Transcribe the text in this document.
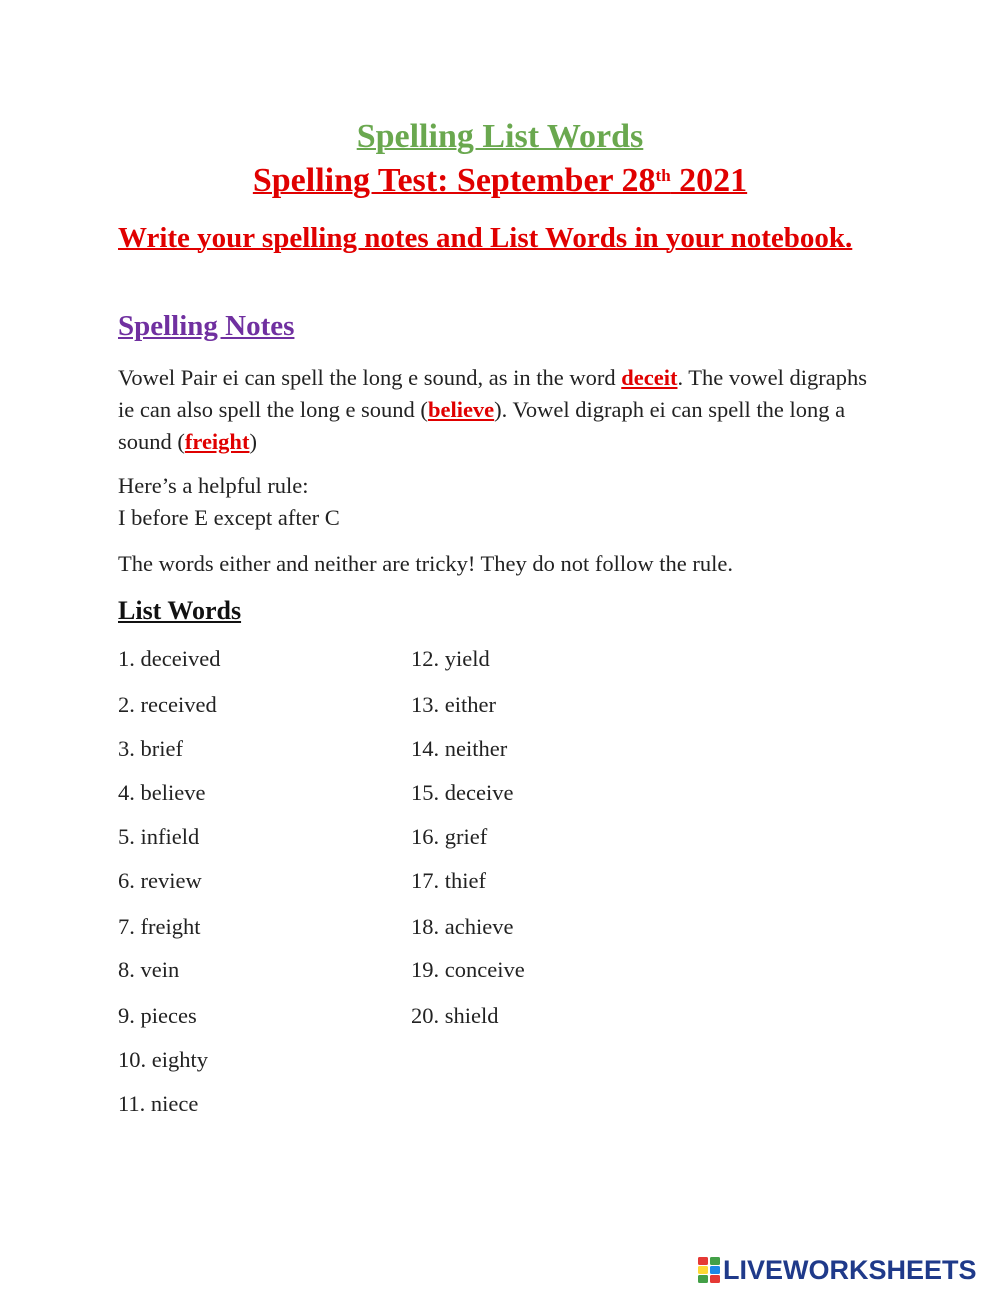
Spelling List Words
Spelling Test: September 28th 2021
Write your spelling notes and List Words in your notebook.
Spelling Notes
Vowel Pair ei can spell the long e sound, as in the word deceit. The vowel digraphs ie can also spell the long e sound (believe). Vowel digraph ei can spell the long a sound (freight)
Here’s a helpful rule:
I before E except after C
The words either and neither are tricky! They do not follow the rule.
List Words
1. deceived
2. received
3. brief
4. believe
5. infield
6. review
7. freight
8. vein
9. pieces
10. eighty
11. niece
12. yield
13. either
14. neither
15. deceive
16. grief
17. thief
18. achieve
19. conceive
20. shield
LIVEWORKSHEETS
